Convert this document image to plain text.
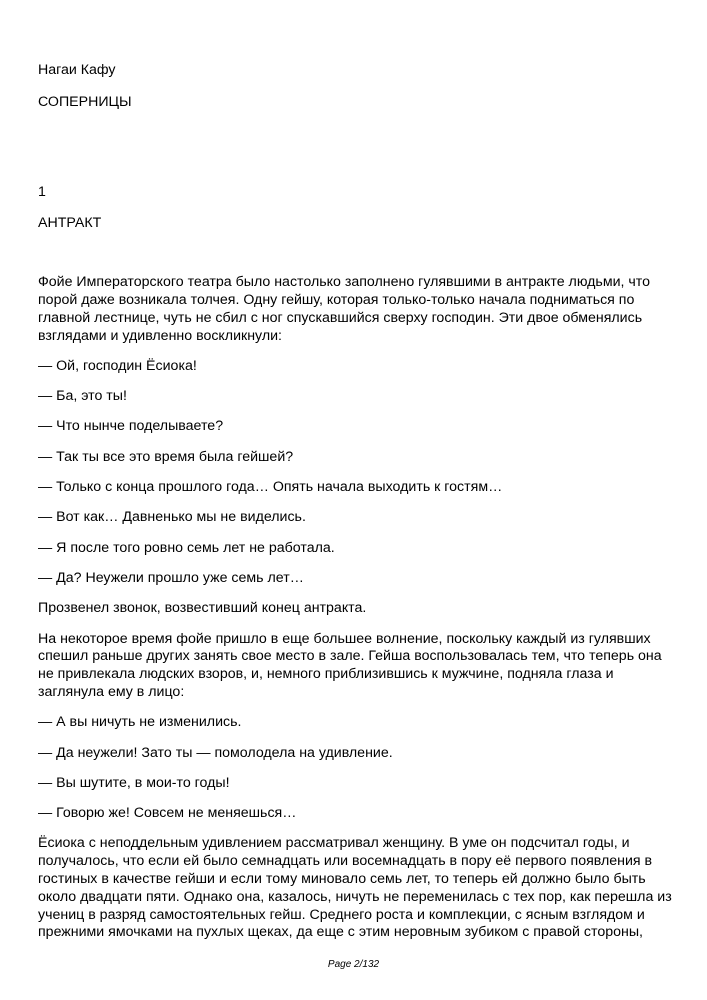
Нагаи Кафу
СОПЕРНИЦЫ
1
АНТРАКТ
Фойе Императорского театра было настолько заполнено гулявшими в антракте людьми, что порой даже возникала толчея. Одну гейшу, которая только-только начала подниматься по главной лестнице, чуть не сбил с ног спускавшийся сверху господин. Эти двое обменялись взглядами и удивленно воскликнули:
— Ой, господин Ёсиока!
— Ба, это ты!
— Что нынче поделываете?
— Так ты все это время была гейшей?
— Только с конца прошлого года… Опять начала выходить к гостям…
— Вот как… Давненько мы не виделись.
— Я после того ровно семь лет не работала.
— Да? Неужели прошло уже семь лет…
Прозвенел звонок, возвестивший конец антракта.
На некоторое время фойе пришло в еще большее волнение, поскольку каждый из гулявших спешил раньше других занять свое место в зале. Гейша воспользовалась тем, что теперь она не привлекала людских взоров, и, немного приблизившись к мужчине, подняла глаза и заглянула ему в лицо:
— А вы ничуть не изменились.
— Да неужели! Зато ты — помолодела на удивление.
— Вы шутите, в мои-то годы!
— Говорю же! Совсем не меняешься…
Ёсиока с неподдельным удивлением рассматривал женщину. В уме он подсчитал годы, и получалось, что если ей было семнадцать или восемнадцать в пору её первого появления в гостиных в качестве гейши и если тому миновало семь лет, то теперь ей должно было быть около двадцати пяти. Однако она, казалось, ничуть не переменилась с тех пор, как перешла из учениц в разряд самостоятельных гейш. Среднего роста и комплекции, с ясным взглядом и прежними ямочками на пухлых щеках, да еще с этим неровным зубиком с правой стороны,
Page 2/132
